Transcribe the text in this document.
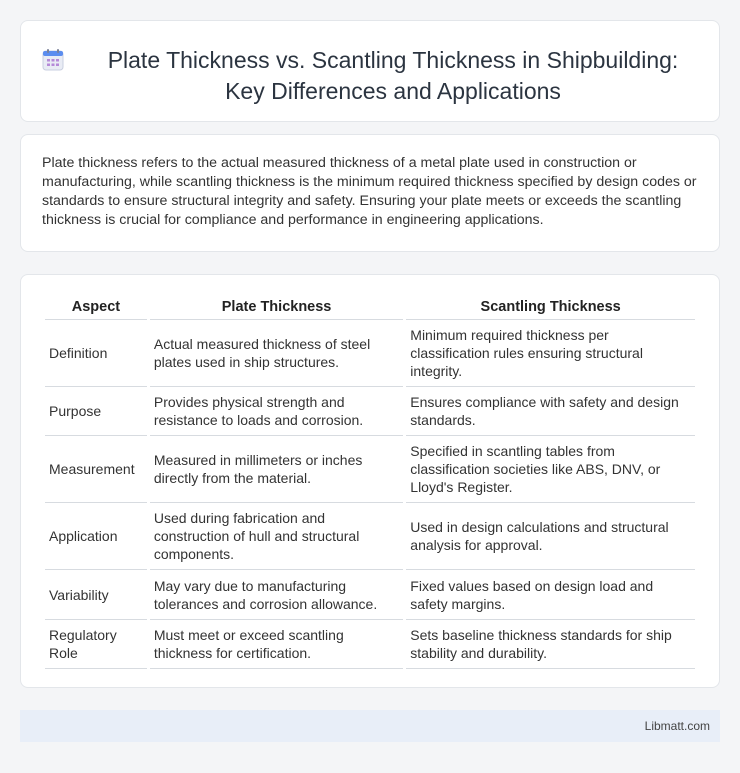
Plate Thickness vs. Scantling Thickness in Shipbuilding: Key Differences and Applications

Plate thickness refers to the actual measured thickness of a metal plate used in construction or manufacturing, while scantling thickness is the minimum required thickness specified by design codes or standards to ensure structural integrity and safety. Ensuring your plate meets or exceeds the scantling thickness is crucial for compliance and performance in engineering applications.

Aspect	Plate Thickness	Scantling Thickness
Definition	Actual measured thickness of steel plates used in ship structures.	Minimum required thickness per classification rules ensuring structural integrity.
Purpose	Provides physical strength and resistance to loads and corrosion.	Ensures compliance with safety and design standards.
Measurement	Measured in millimeters or inches directly from the material.	Specified in scantling tables from classification societies like ABS, DNV, or Lloyd's Register.
Application	Used during fabrication and construction of hull and structural components.	Used in design calculations and structural analysis for approval.
Variability	May vary due to manufacturing tolerances and corrosion allowance.	Fixed values based on design load and safety margins.
Regulatory Role	Must meet or exceed scantling thickness for certification.	Sets baseline thickness standards for ship stability and durability.
Libmatt.com
